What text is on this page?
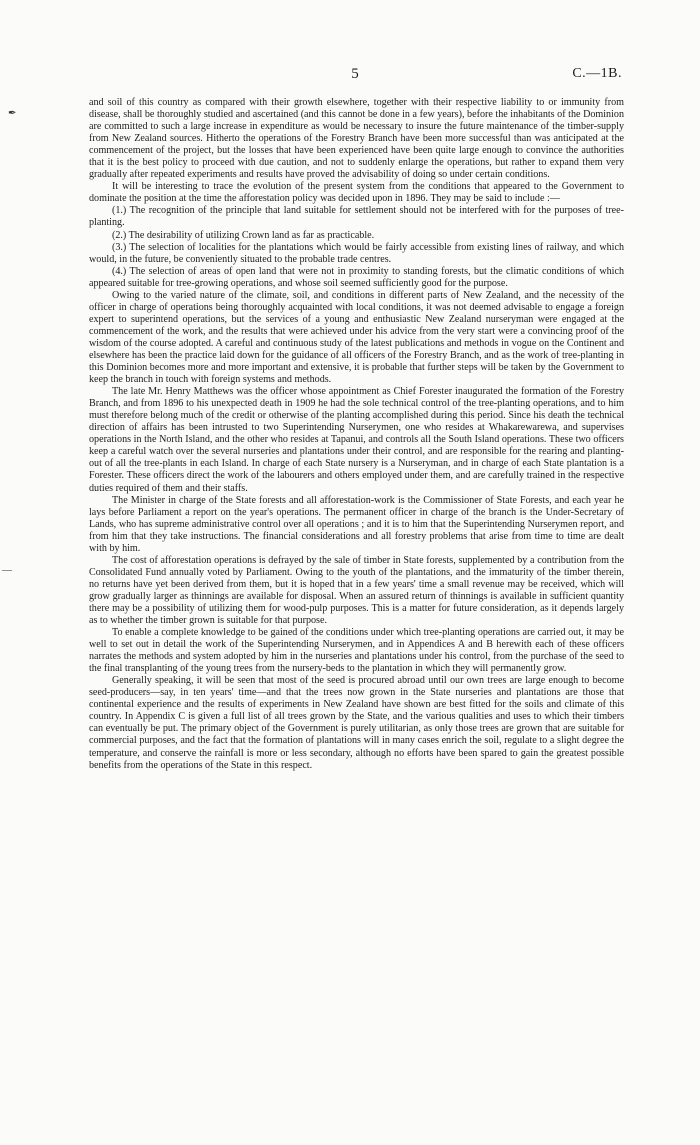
5	C.—1B.
✒
—

and soil of this country as compared with their growth elsewhere, together with their respective liability to or immunity from disease, shall be thoroughly studied and ascertained (and this cannot be done in a few years), before the inhabitants of the Dominion are committed to such a large increase in expenditure as would be necessary to insure the future maintenance of the timber-supply from New Zealand sources. Hitherto the operations of the Forestry Branch have been more successful than was anticipated at the commencement of the project, but the losses that have been experienced have been quite large enough to convince the authorities that it is the best policy to proceed with due caution, and not to suddenly enlarge the operations, but rather to expand them very gradually after repeated experiments and results have proved the advisability of doing so under certain conditions.

It will be interesting to trace the evolution of the present system from the conditions that appeared to the Government to dominate the position at the time the afforestation policy was decided upon in 1896. They may be said to include :—

(1.) The recognition of the principle that land suitable for settlement should not be interfered with for the purposes of tree-planting.

(2.) The desirability of utilizing Crown land as far as practicable.

(3.) The selection of localities for the plantations which would be fairly accessible from existing lines of railway, and which would, in the future, be conveniently situated to the probable trade centres.

(4.) The selection of areas of open land that were not in proximity to standing forests, but the climatic conditions of which appeared suitable for tree-growing operations, and whose soil seemed sufficiently good for the purpose.

Owing to the varied nature of the climate, soil, and conditions in different parts of New Zealand, and the necessity of the officer in charge of operations being thoroughly acquainted with local conditions, it was not deemed advisable to engage a foreign expert to superintend operations, but the services of a young and enthusiastic New Zealand nurseryman were engaged at the commencement of the work, and the results that were achieved under his advice from the very start were a convincing proof of the wisdom of the course adopted. A careful and continuous study of the latest publications and methods in vogue on the Continent and elsewhere has been the practice laid down for the guidance of all officers of the Forestry Branch, and as the work of tree-planting in this Dominion becomes more and more important and extensive, it is probable that further steps will be taken by the Government to keep the branch in touch with foreign systems and methods.

The late Mr. Henry Matthews was the officer whose appointment as Chief Forester inaugurated the formation of the Forestry Branch, and from 1896 to his unexpected death in 1909 he had the sole technical control of the tree-planting operations, and to him must therefore belong much of the credit or otherwise of the planting accomplished during this period. Since his death the technical direction of affairs has been intrusted to two Superintending Nurserymen, one who resides at Whakarewarewa, and supervises operations in the North Island, and the other who resides at Tapanui, and controls all the South Island operations. These two officers keep a careful watch over the several nurseries and plantations under their control, and are responsible for the rearing and planting-out of all the tree-plants in each Island. In charge of each State nursery is a Nurseryman, and in charge of each State plantation is a Forester. These officers direct the work of the labourers and others employed under them, and are carefully trained in the respective duties required of them and their staffs.

The Minister in charge of the State forests and all afforestation-work is the Commissioner of State Forests, and each year he lays before Parliament a report on the year's operations. The permanent officer in charge of the branch is the Under-Secretary of Lands, who has supreme administrative control over all operations ; and it is to him that the Superintending Nurserymen report, and from him that they take instructions. The financial considerations and all forestry problems that arise from time to time are dealt with by him.

The cost of afforestation operations is defrayed by the sale of timber in State forests, supplemented by a contribution from the Consolidated Fund annually voted by Parliament. Owing to the youth of the plantations, and the immaturity of the timber therein, no returns have yet been derived from them, but it is hoped that in a few years' time a small revenue may be received, which will grow gradually larger as thinnings are available for disposal. When an assured return of thinnings is available in sufficient quantity there may be a possibility of utilizing them for wood-pulp purposes. This is a matter for future consideration, as it depends largely as to whether the timber grown is suitable for that purpose.

To enable a complete knowledge to be gained of the conditions under which tree-planting operations are carried out, it may be well to set out in detail the work of the Superintending Nurserymen, and in Appendices A and B herewith each of these officers narrates the methods and system adopted by him in the nurseries and plantations under his control, from the purchase of the seed to the final transplanting of the young trees from the nursery-beds to the plantation in which they will permanently grow.

Generally speaking, it will be seen that most of the seed is procured abroad until our own trees are large enough to become seed-producers—say, in ten years' time—and that the trees now grown in the State nurseries and plantations are those that continental experience and the results of experiments in New Zealand have shown are best fitted for the soils and climate of this country. In Appendix C is given a full list of all trees grown by the State, and the various qualities and uses to which their timbers can eventually be put. The primary object of the Government is purely utilitarian, as only those trees are grown that are suitable for commercial purposes, and the fact that the formation of plantations will in many cases enrich the soil, regulate to a slight degree the temperature, and conserve the rainfall is more or less secondary, although no efforts have been spared to gain the greatest possible benefits from the operations of the State in this respect.
